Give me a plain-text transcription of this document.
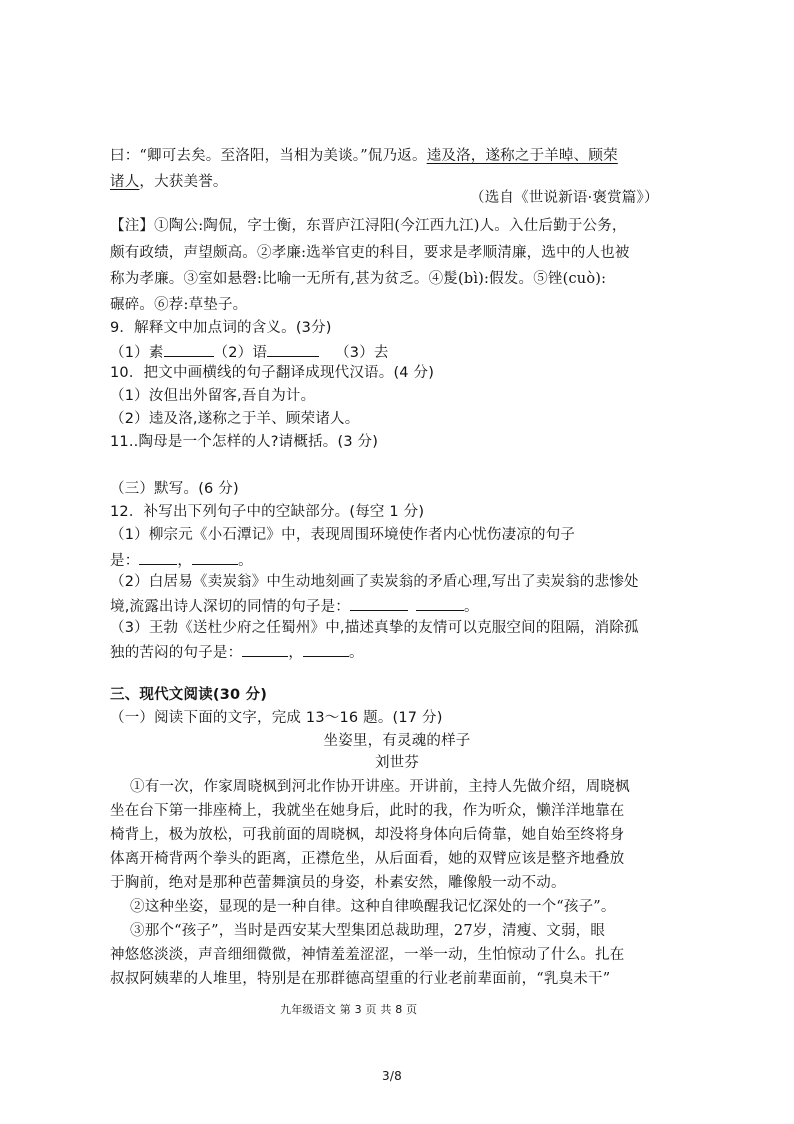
曰：“卿可去矣。至洛阳，当相为美谈。”侃乃返。逵及洛，遂称之于羊晫、顾荣
诸人，大获美誉。
（选自《世说新语·褒赏篇》）
【注】①陶公:陶侃，字士衡，东晋庐江浔阳(今江西九江)人。入仕后勤于公务，
颇有政绩，声望颇高。②孝廉:选举官吏的科目，要求是孝顺清廉，选中的人也被
称为孝廉。③室如悬磬:比喻一无所有,甚为贫乏。④髲(bì):假发。⑤锉(cuò):
碾碎。⑥荐:草垫子。
9．解释文中加点词的含义。(3分)
（1）素	（2）语	（3）去
10．把文中画横线的句子翻译成现代汉语。(4 分)
（1）汝但出外留客,吾自为计。
（2）逵及洛,遂称之于羊、顾荣诸人。
11..陶母是一个怎样的人?请概括。(3 分)
（三）默写。(6 分)
12．补写出下列句子中的空缺部分。(每空 1 分)
（1）柳宗元《小石潭记》中，表现周围环境使作者内心忧伤凄凉的句子
是：	，	。
（2）白居易《卖炭翁》中生动地刻画了卖炭翁的矛盾心理,写出了卖炭翁的悲惨处
境,流露出诗人深切的同情的句子是：	。
（3）王勃《送杜少府之任蜀州》中,描述真挚的友情可以克服空间的阻隔，消除孤
独的苦闷的句子是：	，	。
三、现代文阅读(30 分)
（一）阅读下面的文字，完成 13～16 题。(17 分)
坐姿里，有灵魂的样子
刘世芬
①有一次，作家周晓枫到河北作协开讲座。开讲前，主持人先做介绍，周晓枫
坐在台下第一排座椅上，我就坐在她身后，此时的我，作为听众，懒洋洋地靠在
椅背上，极为放松，可我前面的周晓枫，却没将身体向后倚靠，她自始至终将身
体离开椅背两个拳头的距离，正襟危坐，从后面看，她的双臂应该是整齐地叠放
于胸前，绝对是那种芭蕾舞演员的身姿，朴素安然，雕像般一动不动。
②这种坐姿，显现的是一种自律。这种自律唤醒我记忆深处的一个“孩子”。
③那个“孩子”，当时是西安某大型集团总裁助理，27岁，清瘦、文弱，眼
神悠悠淡淡，声音细细微微，神情羞羞涩涩，一举一动，生怕惊动了什么。扎在
叔叔阿姨辈的人堆里，特别是在那群德高望重的行业老前辈面前，“乳臭未干”
九年级语文 第 3 页 共 8 页
3/8
